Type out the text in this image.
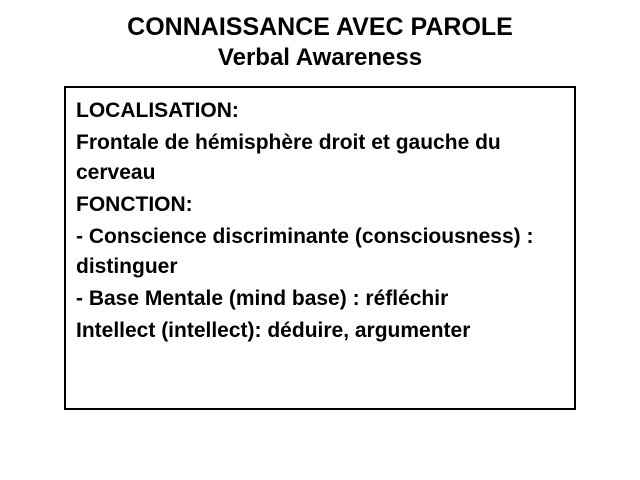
CONNAISSANCE AVEC PAROLE
Verbal Awareness

LOCALISATION:

Frontale de hémisphère droit et gauche du cerveau

FONCTION:

- Conscience discriminante (consciousness) : distinguer

- Base Mentale (mind base) : réfléchir

Intellect (intellect): déduire, argumenter
